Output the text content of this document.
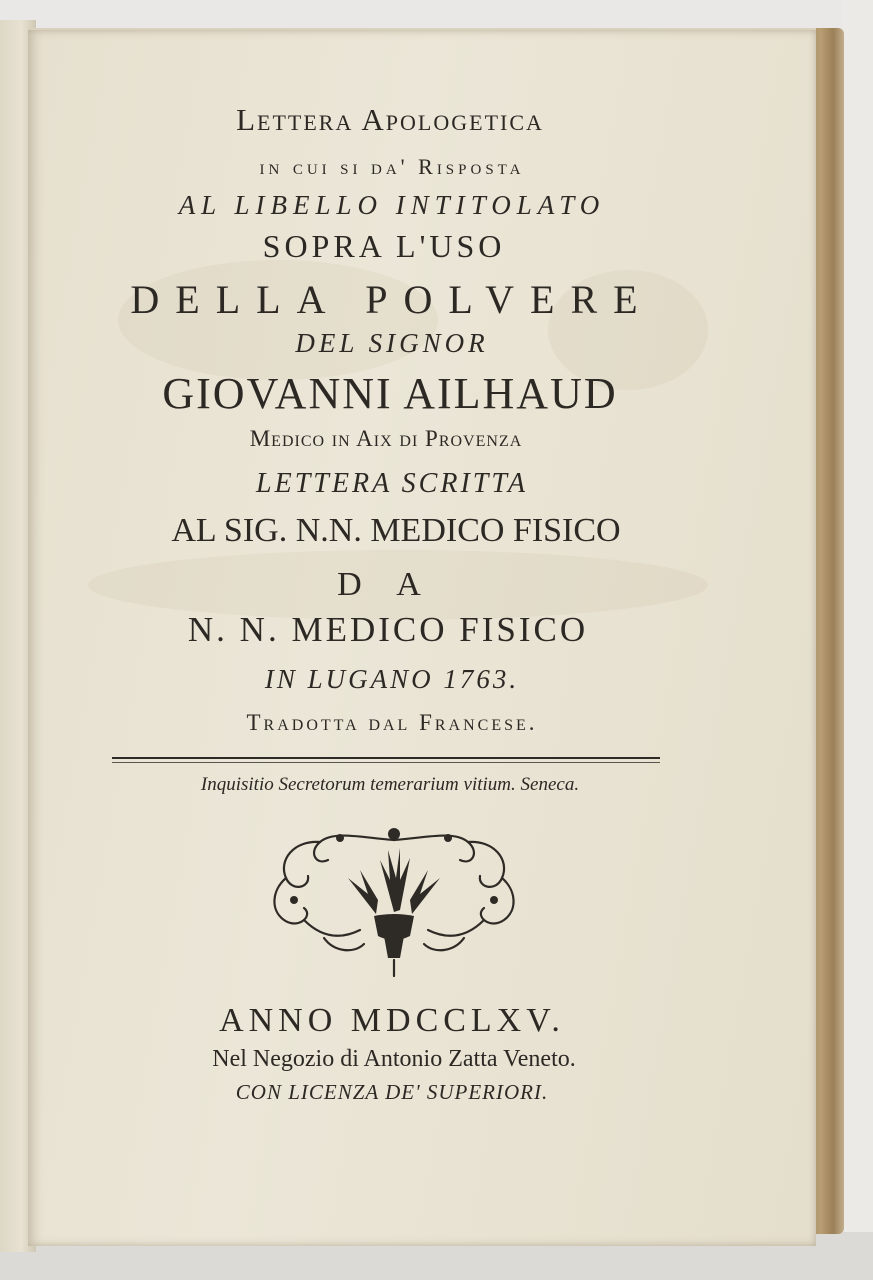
Lettera Apologetica
in cui si da' Risposta
AL LIBELLO INTITOLATO
SOPRA L'USO
DELLA POLVERE
DEL SIGNOR
GIOVANNI AILHAUD
Medico in Aix di Provenza
LETTERA SCRITTA
AL SIG. N.N. MEDICO FISICO
D A
N. N. MEDICO FISICO
IN LUGANO 1763.
Tradotta dal Francese.
Inquisitio Secretorum temerarium vitium. Seneca.
ANNO MDCCLXV.
Nel Negozio di Antonio Zatta Veneto.
CON LICENZA DE' SUPERIORI.
